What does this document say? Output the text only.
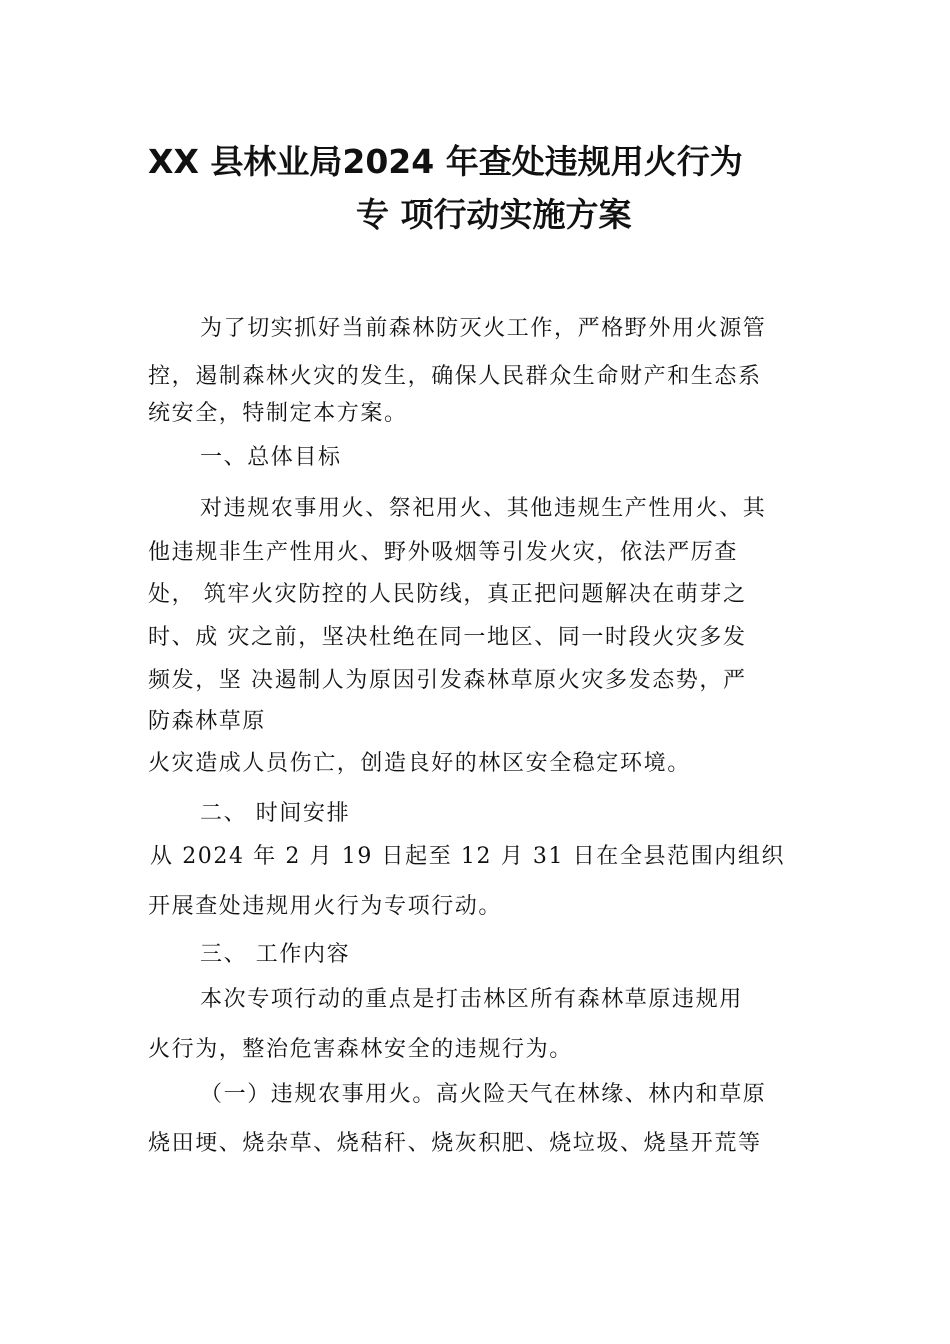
XX 县林业局2024 年查处违规用火行为
专 项行动实施方案

为了切实抓好当前森林防灭火工作，严格野外用火源管

控，遏制森林火灾的发生，确保人民群众生命财产和生态系

统安全，特制定本方案。

一、总体目标

对违规农事用火、祭祀用火、其他违规生产性用火、其

他违规非生产性用火、野外吸烟等引发火灾，依法严厉查

处， 筑牢火灾防控的人民防线，真正把问题解决在萌芽之

时、成 灾之前，坚决杜绝在同一地区、同一时段火灾多发

频发，坚 决遏制人为原因引发森林草原火灾多发态势，严

防森林草原

火灾造成人员伤亡，创造良好的林区安全稳定环境。

二、 时间安排

从 2024 年 2 月 19 日起至 12 月 31 日在全县范围内组织

开展查处违规用火行为专项行动。

三、 工作内容

本次专项行动的重点是打击林区所有森林草原违规用

火行为，整治危害森林安全的违规行为。

（一）违规农事用火。高火险天气在林缘、林内和草原

烧田埂、烧杂草、烧秸秆、烧灰积肥、烧垃圾、烧垦开荒等
